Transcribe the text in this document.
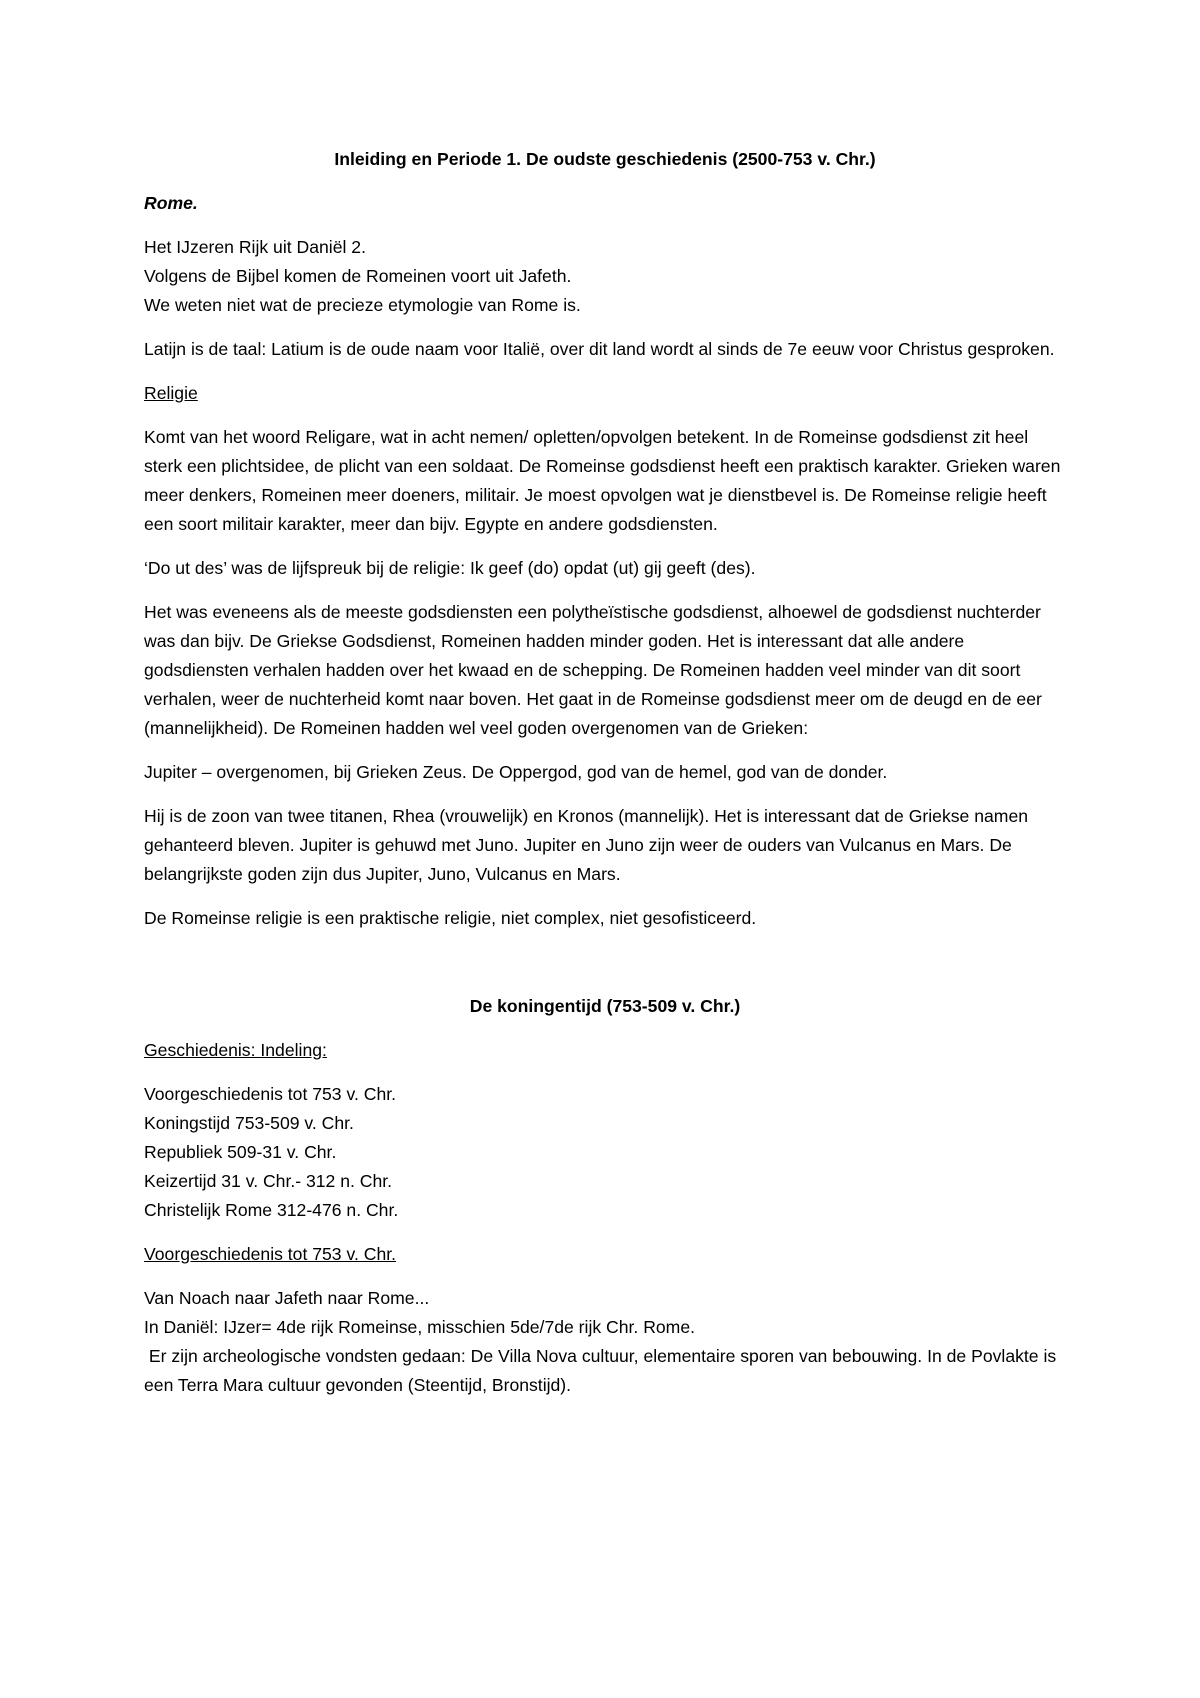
Inleiding en Periode 1. De oudste geschiedenis (2500-753 v. Chr.)

Rome.

Het IJzeren Rijk uit Daniël 2.
Volgens de Bijbel komen de Romeinen voort uit Jafeth.
We weten niet wat de precieze etymologie van Rome is.

Latijn is de taal: Latium is de oude naam voor Italië, over dit land wordt al sinds de 7e eeuw voor Christus gesproken.

Religie

Komt van het woord Religare, wat in acht nemen/ opletten/opvolgen betekent. In de Romeinse godsdienst zit heel sterk een plichtsidee, de plicht van een soldaat. De Romeinse godsdienst heeft een praktisch karakter. Grieken waren meer denkers, Romeinen meer doeners, militair. Je moest opvolgen wat je dienstbevel is. De Romeinse religie heeft een soort militair karakter, meer dan bijv. Egypte en andere godsdiensten.

‘Do ut des’ was de lijfspreuk bij de religie: Ik geef (do) opdat (ut) gij geeft (des).

Het was eveneens als de meeste godsdiensten een polytheïstische godsdienst, alhoewel de godsdienst nuchterder was dan bijv. De Griekse Godsdienst, Romeinen hadden minder goden. Het is interessant dat alle andere godsdiensten verhalen hadden over het kwaad en de schepping. De Romeinen hadden veel minder van dit soort verhalen, weer de nuchterheid komt naar boven. Het gaat in de Romeinse godsdienst meer om de deugd en de eer (mannelijkheid). De Romeinen hadden wel veel goden overgenomen van de Grieken:

Jupiter – overgenomen, bij Grieken Zeus. De Oppergod, god van de hemel, god van de donder.

Hij is de zoon van twee titanen, Rhea (vrouwelijk) en Kronos (mannelijk). Het is interessant dat de Griekse namen gehanteerd bleven. Jupiter is gehuwd met Juno. Jupiter en Juno zijn weer de ouders van Vulcanus en Mars. De belangrijkste goden zijn dus Jupiter, Juno, Vulcanus en Mars.

De Romeinse religie is een praktische religie, niet complex, niet gesofisticeerd.

De koningentijd (753-509 v. Chr.)

Geschiedenis: Indeling:

Voorgeschiedenis tot 753 v. Chr.
Koningstijd 753-509 v. Chr.
Republiek 509-31 v. Chr.
Keizertijd 31 v. Chr.- 312 n. Chr.
Christelijk Rome 312-476 n. Chr.

Voorgeschiedenis tot 753 v. Chr.

Van Noach naar Jafeth naar Rome...
In Daniël: IJzer= 4de rijk Romeinse, misschien 5de/7de rijk Chr. Rome.
Er zijn archeologische vondsten gedaan: De Villa Nova cultuur, elementaire sporen van bebouwing. In de Povlakte is een Terra Mara cultuur gevonden (Steentijd, Bronstijd).
